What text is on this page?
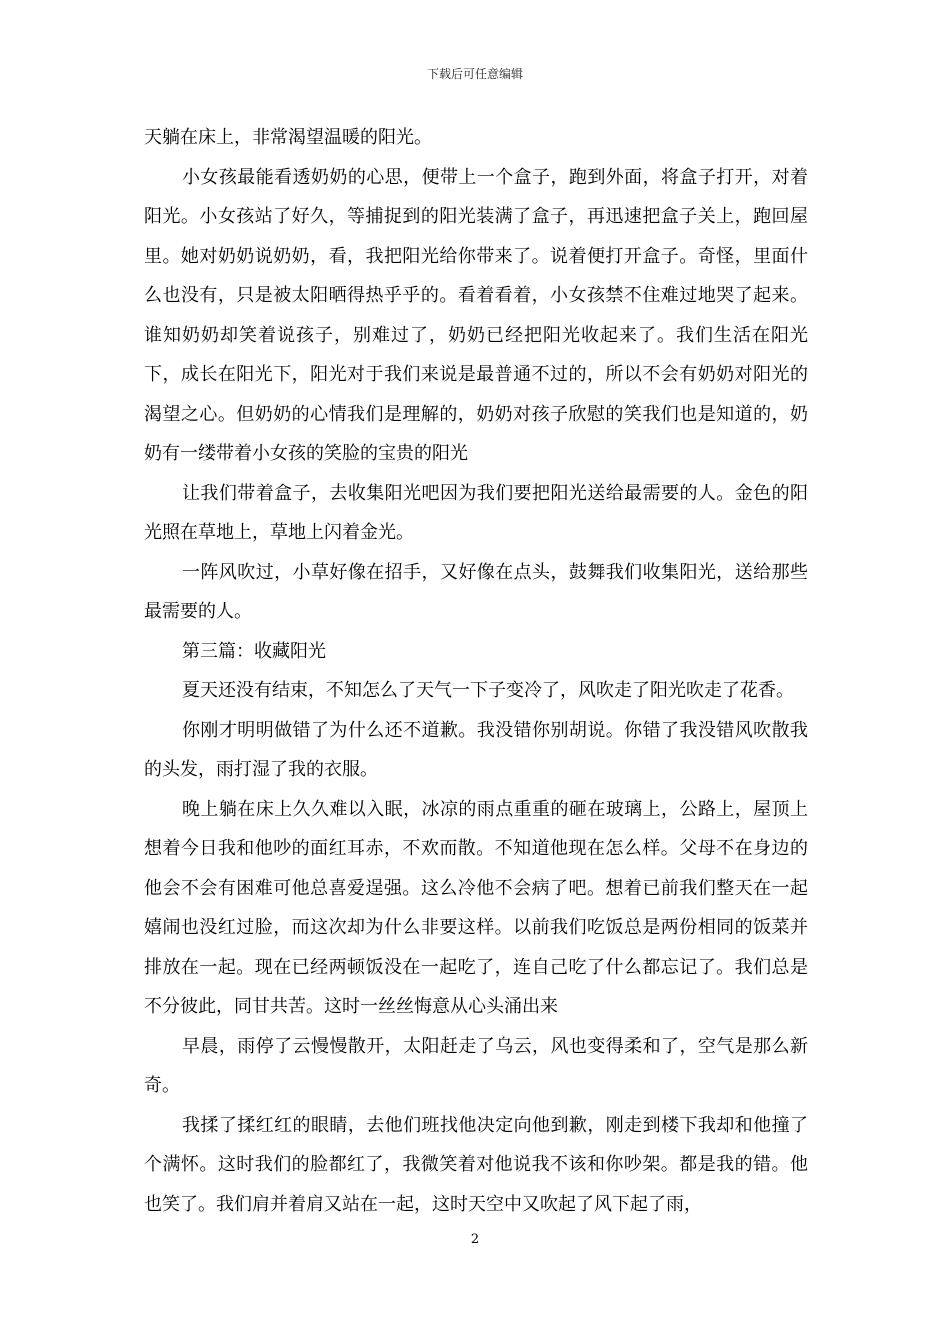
下载后可任意编辑

天躺在床上，非常渴望温暖的阳光。

小女孩最能看透奶奶的心思，便带上一个盒子，跑到外面，将盒子打开，对着阳光。小女孩站了好久，等捕捉到的阳光装满了盒子，再迅速把盒子关上，跑回屋里。她对奶奶说奶奶，看，我把阳光给你带来了。说着便打开盒子。奇怪，里面什么也没有，只是被太阳晒得热乎乎的。看着看着，小女孩禁不住难过地哭了起来。谁知奶奶却笑着说孩子，别难过了，奶奶已经把阳光收起来了。我们生活在阳光下，成长在阳光下，阳光对于我们来说是最普通不过的，所以不会有奶奶对阳光的渴望之心。但奶奶的心情我们是理解的，奶奶对孩子欣慰的笑我们也是知道的，奶奶有一缕带着小女孩的笑脸的宝贵的阳光

让我们带着盒子，去收集阳光吧因为我们要把阳光送给最需要的人。金色的阳光照在草地上，草地上闪着金光。

一阵风吹过，小草好像在招手，又好像在点头，鼓舞我们收集阳光，送给那些最需要的人。

第三篇：收藏阳光

夏天还没有结束，不知怎么了天气一下子变冷了，风吹走了阳光吹走了花香。

你刚才明明做错了为什么还不道歉。我没错你别胡说。你错了我没错风吹散我的头发，雨打湿了我的衣服。

晚上躺在床上久久难以入眠，冰凉的雨点重重的砸在玻璃上，公路上，屋顶上想着今日我和他吵的面红耳赤，不欢而散。不知道他现在怎么样。父母不在身边的他会不会有困难可他总喜爱逞强。这么冷他不会病了吧。想着已前我们整天在一起嬉闹也没红过脸，而这次却为什么非要这样。以前我们吃饭总是两份相同的饭菜并排放在一起。现在已经两顿饭没在一起吃了，连自己吃了什么都忘记了。我们总是不分彼此，同甘共苦。这时一丝丝悔意从心头涌出来

早晨，雨停了云慢慢散开，太阳赶走了乌云，风也变得柔和了，空气是那么新奇。

我揉了揉红红的眼睛，去他们班找他决定向他到歉，刚走到楼下我却和他撞了个满怀。这时我们的脸都红了，我微笑着对他说我不该和你吵架。都是我的错。他也笑了。我们肩并着肩又站在一起，这时天空中又吹起了风下起了雨，

2
